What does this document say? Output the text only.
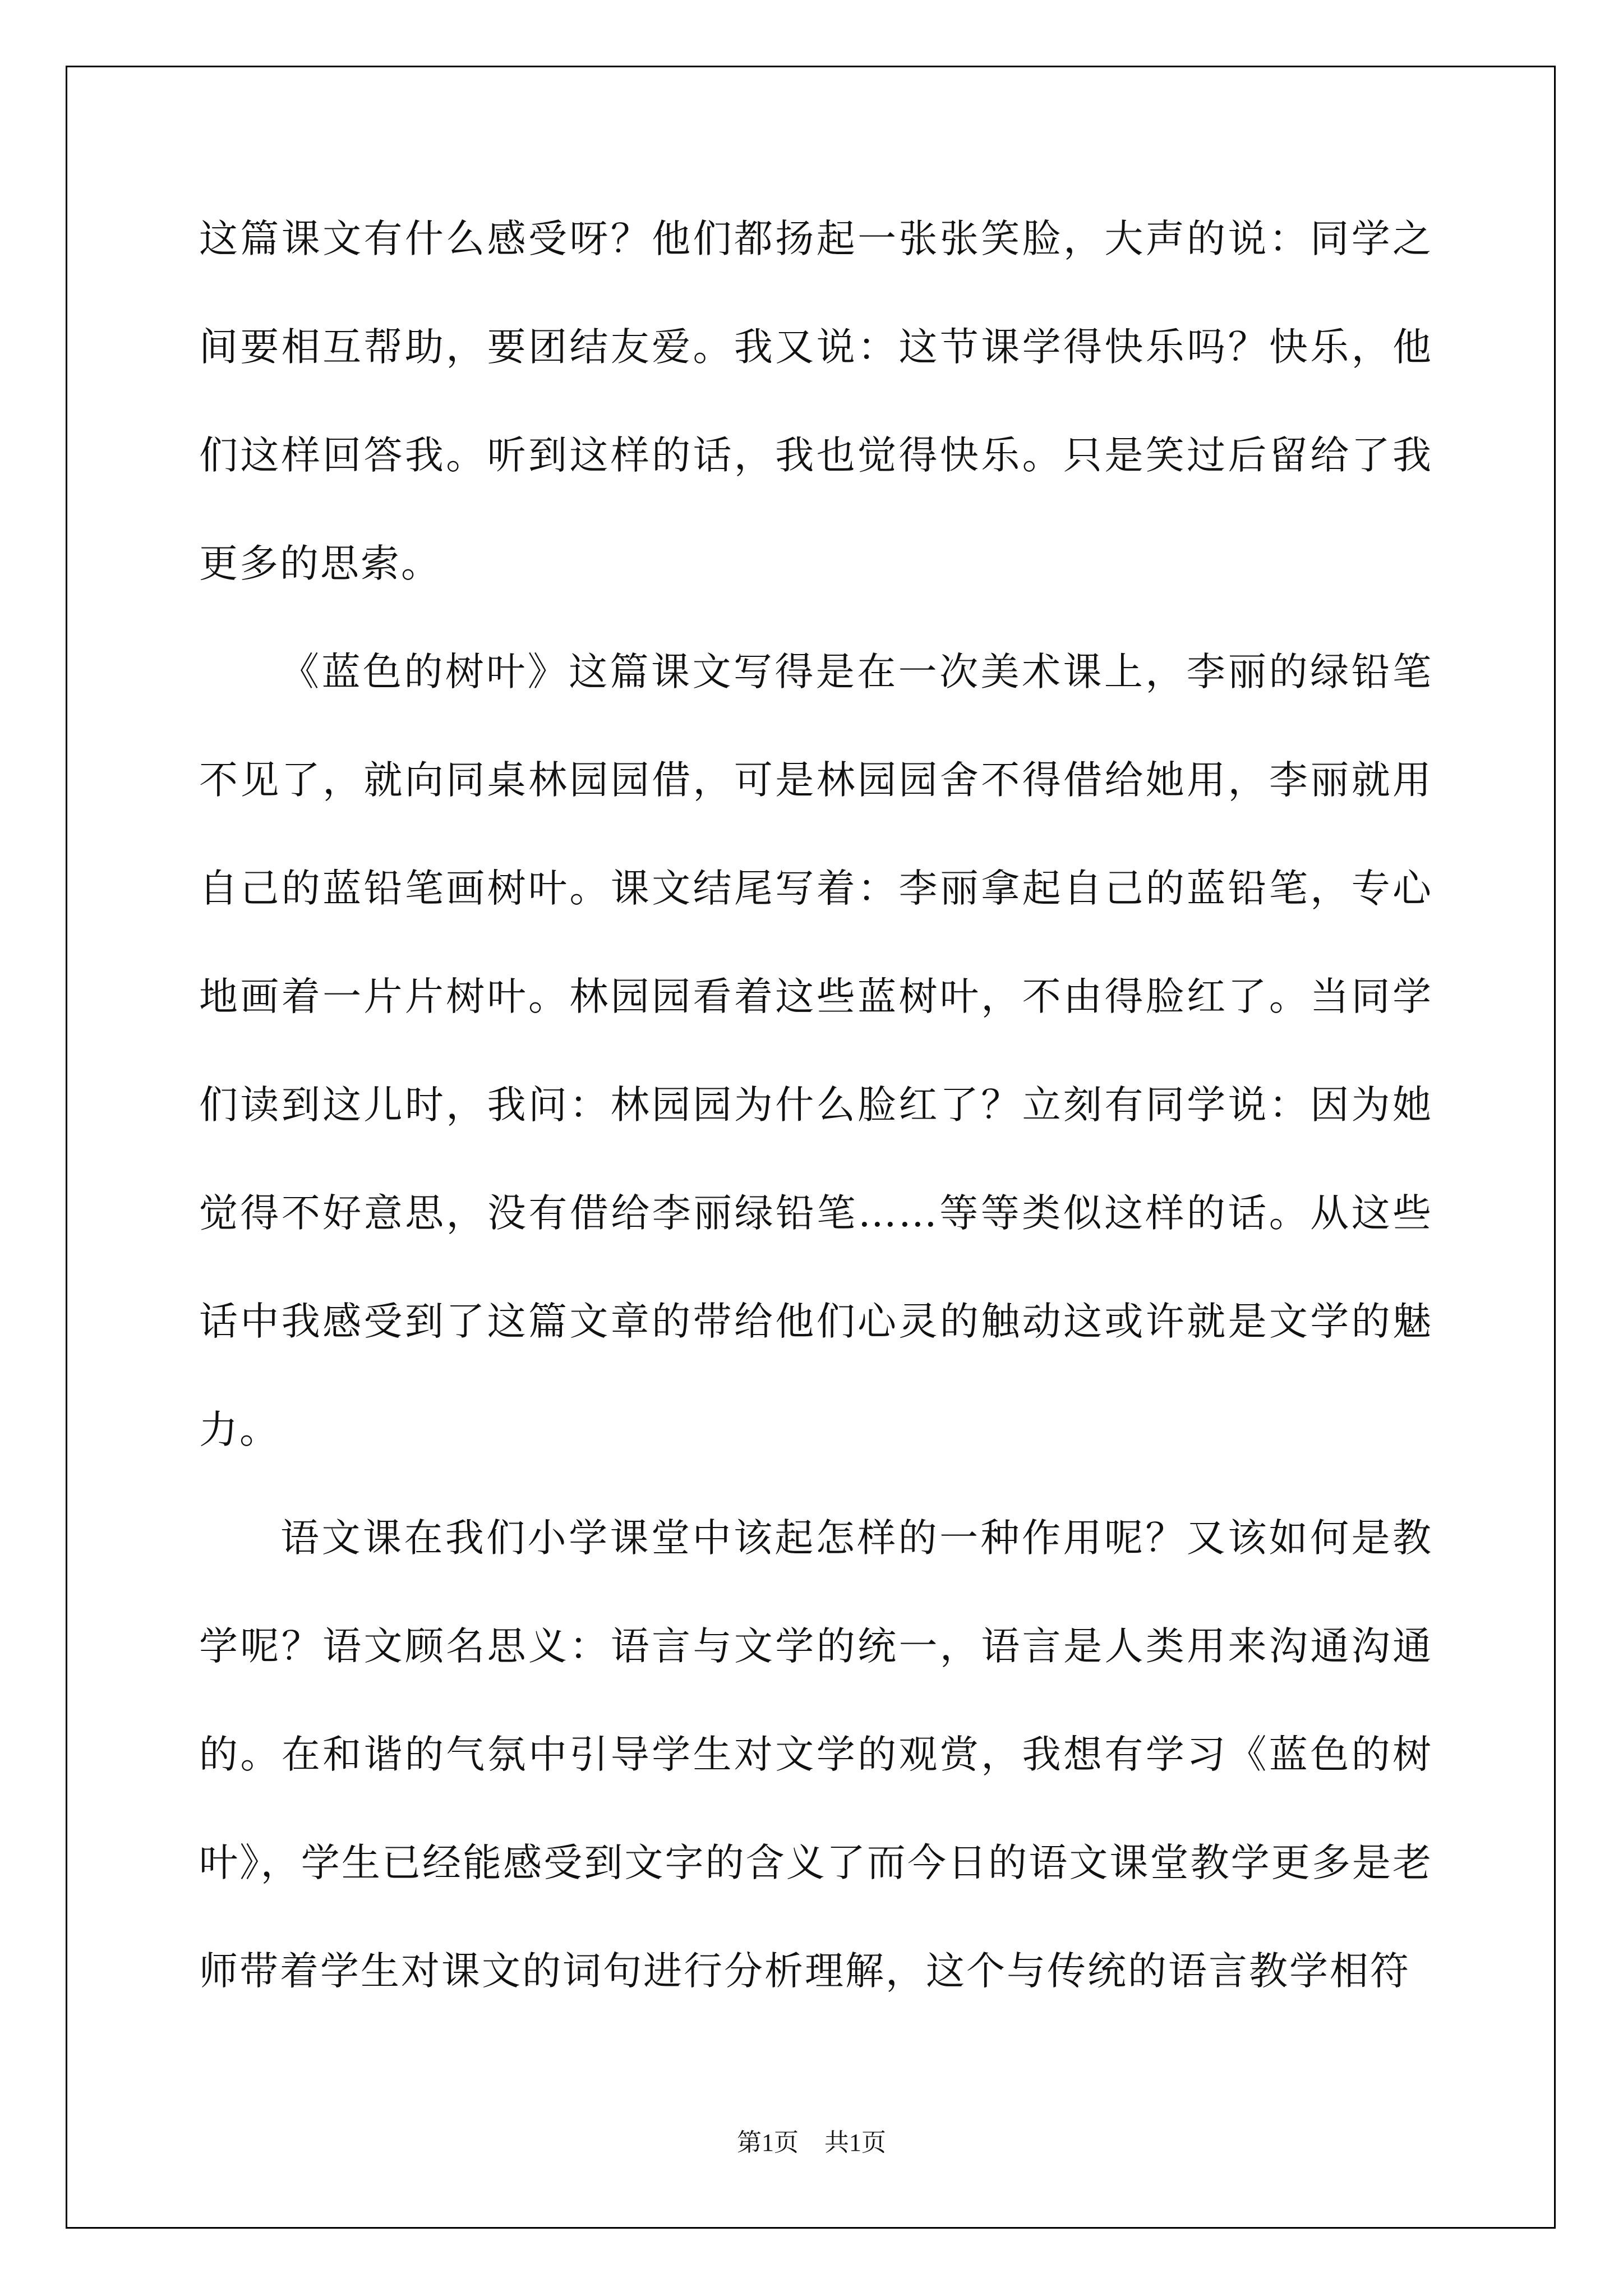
这篇课文有什么感受呀？他们都扬起一张张笑脸，大声的说：同学之间要相互帮助，要团结友爱。我又说：这节课学得快乐吗？快乐，他们这样回答我。听到这样的话，我也觉得快乐。只是笑过后留给了我更多的思索。

《蓝色的树叶》这篇课文写得是在一次美术课上，李丽的绿铅笔不见了，就向同桌林园园借，可是林园园舍不得借给她用，李丽就用自己的蓝铅笔画树叶。课文结尾写着：李丽拿起自己的蓝铅笔，专心地画着一片片树叶。林园园看着这些蓝树叶，不由得脸红了。当同学们读到这儿时，我问：林园园为什么脸红了？立刻有同学说：因为她觉得不好意思，没有借给李丽绿铅笔……等等类似这样的话。从这些话中我感受到了这篇文章的带给他们心灵的触动这或许就是文学的魅力。

语文课在我们小学课堂中该起怎样的一种作用呢？又该如何是教学呢？语文顾名思义：语言与文学的统一，语言是人类用来沟通沟通的。在和谐的气氛中引导学生对文学的观赏，我想有学习《蓝色的树叶》，学生已经能感受到文字的含义了而今日的语文课堂教学更多是老师带着学生对课文的词句进行分析理解，这个与传统的语言教学相符

第1页 共1页
